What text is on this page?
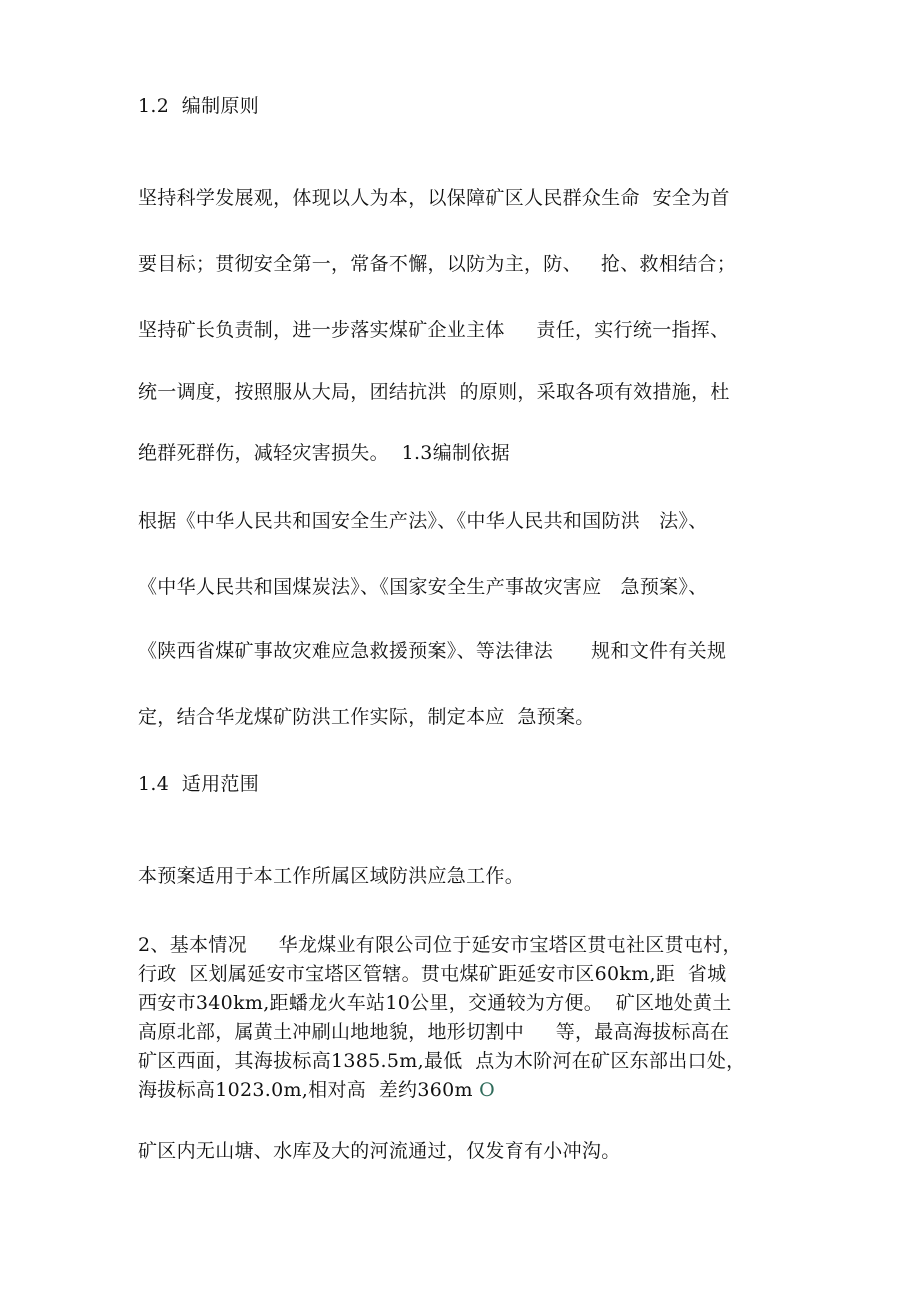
1.2  编制原则
坚持科学发展观，体现以人为本，以保障矿区人民群众生命  安全为首
要目标；贯彻安全第一，常备不懈，以防为主，防、   抢、救相结合；
坚持矿长负责制，进一步落实煤矿企业主体     责任，实行统一指挥、
统一调度，按照服从大局，团结抗洪  的原则，采取各项有效措施，杜
绝群死群伤，减轻灾害损失。  1.3编制依据
根据《中华人民共和国安全生产法》、《中华人民共和国防洪   法》、
《中华人民共和国煤炭法》、《国家安全生产事故灾害应   急预案》、
《陕西省煤矿事故灾难应急救援预案》、等法律法      规和文件有关规
定，结合华龙煤矿防洪工作实际，制定本应  急预案。
1.4  适用范围
本预案适用于本工作所属区域防洪应急工作。
2、基本情况     华龙煤业有限公司位于延安市宝塔区贯屯社区贯屯村，
行政  区划属延安市宝塔区管辖。贯屯煤矿距延安市区60km,距  省城
西安市340km,距蟠龙火车站10公里，交通较为方便。  矿区地处黄土
高原北部，属黄土冲刷山地地貌，地形切割中     等，最高海拔标高在
矿区西面，其海拔标高1385.5m,最低  点为木阶河在矿区东部出口处，
海拔标高1023.0m,相对高  差约360m O
矿区内无山塘、水库及大的河流通过，仅发育有小冲沟。
